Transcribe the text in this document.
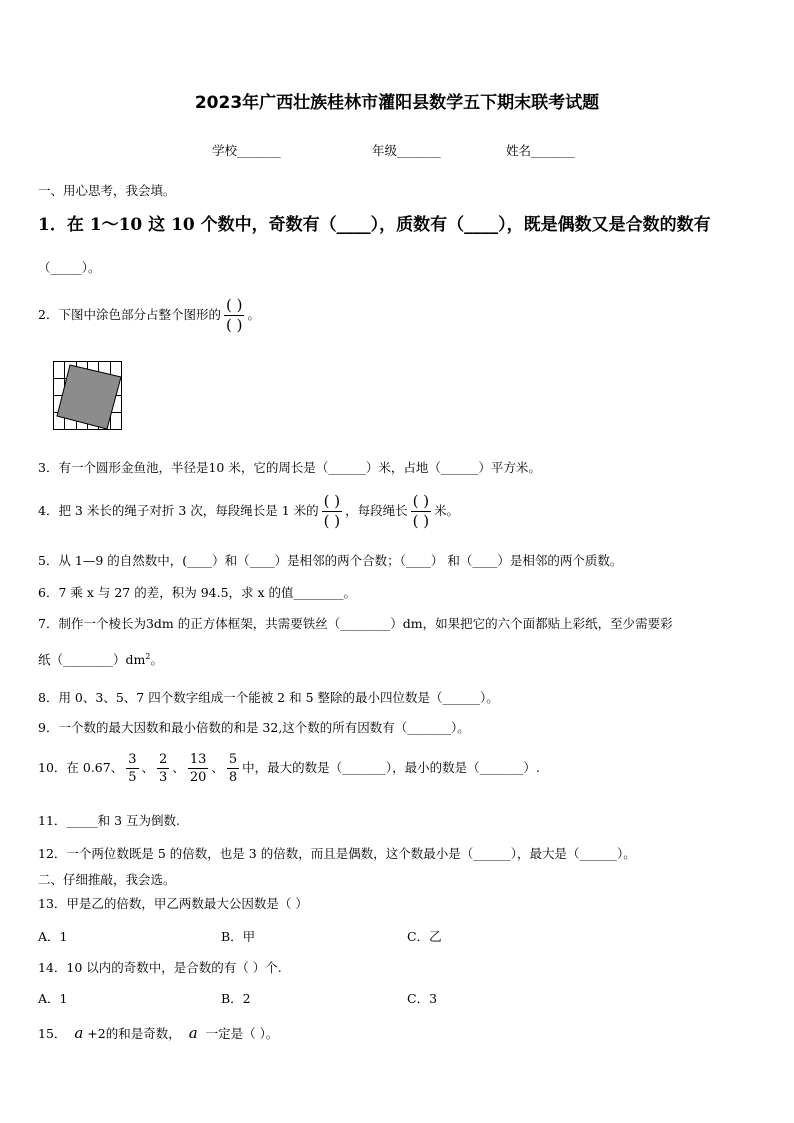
2023年广西壮族桂林市灌阳县数学五下期末联考试题
学校_______	年级_______	姓名_______
一、用心思考，我会填。
1．在 1～10 这 10 个数中，奇数有（____），质数有（____），既是偶数又是合数的数有
（_____）。
2．下图中涂色部分占整个图形的 $\frac{( )}{( )}$ 。
3．有一个圆形金鱼池，半径是10 米，它的周长是（______）米，占地（______）平方米。
4．把 3 米长的绳子对折 3 次，每段绳长是 1 米的 $\frac{( )}{( )}$ ，每段绳长 $\frac{( )}{( )}$ 米。
5．从 1—9 的自然数中，(____）和（____）是相邻的两个合数；（____） 和（____）是相邻的两个质数。
6．7 乘 x 与 27 的差，积为 94.5，求 x 的值________。
7．制作一个棱长为3dm 的正方体框架，共需要铁丝（________）dm，如果把它的六个面都贴上彩纸，至少需要彩
纸$(\_\_\_\_\_\_\_\_)dm^2$。
8．用 0、3、5、7 四个数字组成一个能被 2 和 5 整除的最小四位数是（______）。
9．一个数的最大因数和最小倍数的和是 32,这个数的所有因数有（_______）。
10．在 0.67、 $\frac{3}{5}$ 、 $\frac{2}{3}$ 、 $\frac{13}{20}$ 、 $\frac{5}{8}$ 中，最大的数是（_______），最小的数是（_______）.
11．_____和 3 互为倒数.
12．一个两位数既是 5 的倍数，也是 3 的倍数，而且是偶数，这个数最小是（______），最大是（______）。
二、仔细推敲，我会选。
13．甲是乙的倍数，甲乙两数最大公因数是（ ）
A．1	B．甲	C．乙
14．10 以内的奇数中，是合数的有（ ）个.
A．1	B．2	C．3
15． a +2的和是奇数， a 一定是（ ）。
